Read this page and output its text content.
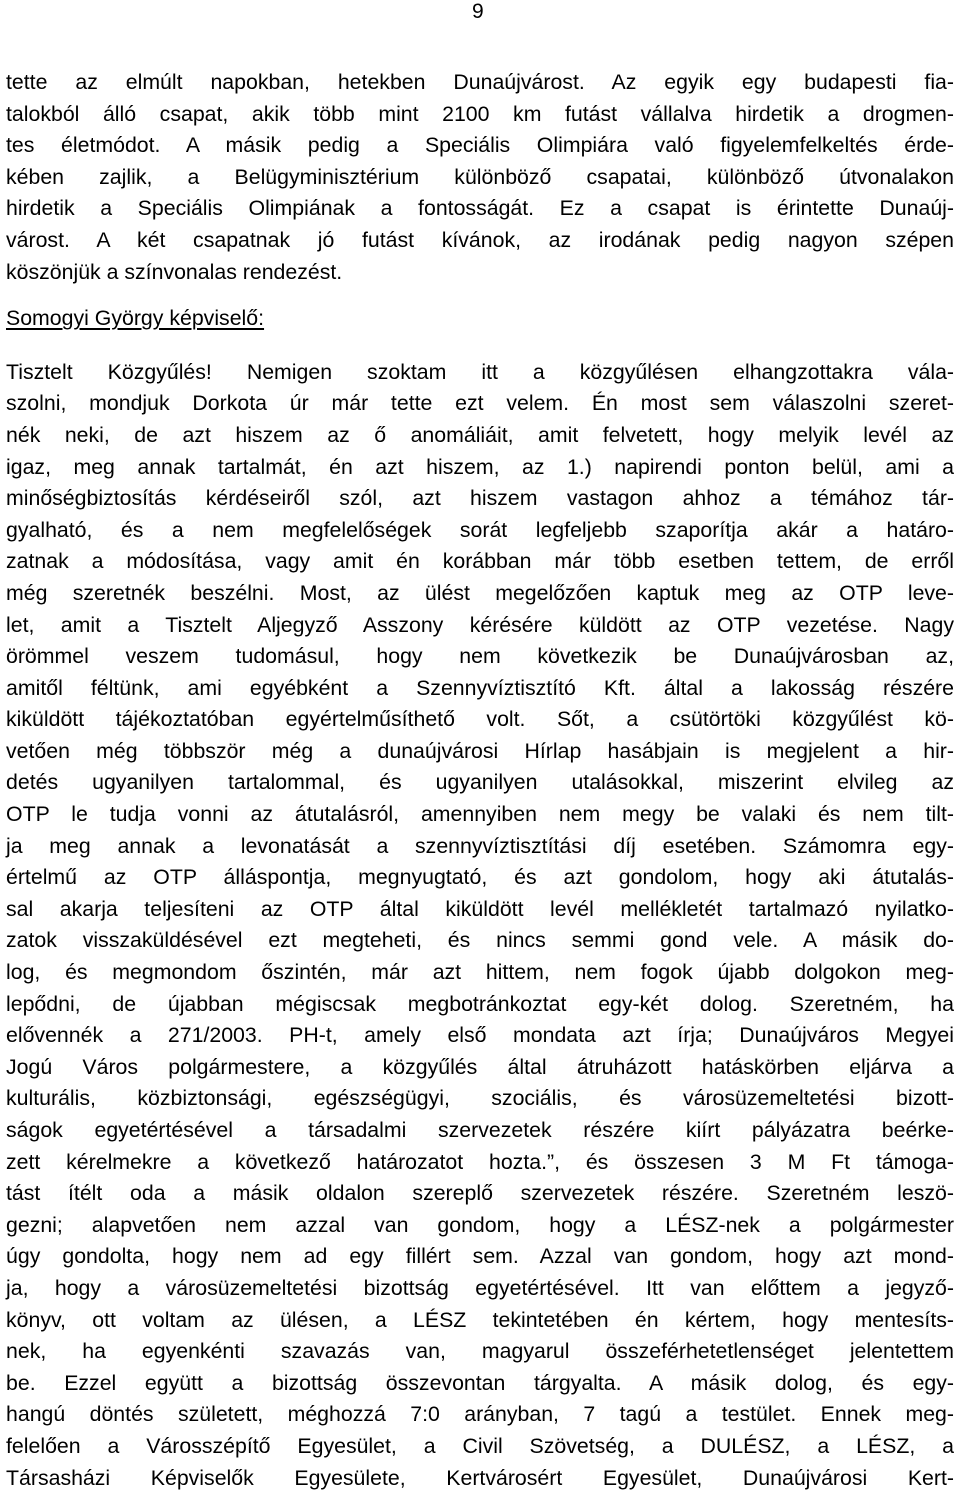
9
tette az elmúlt napokban, hetekben Dunaújvárost. Az egyik egy budapesti fia-
talokból álló csapat, akik több mint 2100 km futást vállalva hirdetik a drogmen-
tes életmódot. A másik pedig a Speciális Olimpiára való figyelemfelkeltés érde-
kében zajlik, a Belügyminisztérium különböző csapatai, különböző útvonalakon
hirdetik a Speciális Olimpiának a fontosságát. Ez a csapat is érintette Dunaúj-
várost. A két csapatnak jó futást kívánok, az irodának pedig nagyon szépen
köszönjük a színvonalas rendezést.
Somogyi György képviselő:
Tisztelt Közgyűlés! Nemigen szoktam itt a közgyűlésen elhangzottakra vála-
szolni, mondjuk Dorkota úr már tette ezt velem. Én most sem válaszolni szeret-
nék neki, de azt hiszem az ő anomáliáit, amit felvetett, hogy melyik levél az
igaz, meg annak tartalmát, én azt hiszem, az 1.) napirendi ponton belül, ami a
minőségbiztosítás kérdéseiről szól, azt hiszem vastagon ahhoz a témához tár-
gyalható, és a nem megfelelőségek sorát legfeljebb szaporítja akár a határo-
zatnak a módosítása, vagy amit én korábban már több esetben tettem, de erről
még szeretnék beszélni. Most, az ülést megelőzően kaptuk meg az OTP leve-
let, amit a Tisztelt Aljegyző Asszony kérésére küldött az OTP vezetése. Nagy
örömmel veszem tudomásul, hogy nem következik be Dunaújvárosban az,
amitől féltünk, ami egyébként a Szennyvíztisztító Kft. által a lakosság részére
kiküldött tájékoztatóban egyértelműsíthető volt. Sőt, a csütörtöki közgyűlést kö-
vetően még többször még a dunaújvárosi Hírlap hasábjain is megjelent a hir-
detés ugyanilyen tartalommal, és ugyanilyen utalásokkal, miszerint elvileg az
OTP le tudja vonni az átutalásról, amennyiben nem megy be valaki és nem tilt-
ja meg annak a levonatását a szennyvíztisztítási díj esetében. Számomra egy-
értelmű az OTP álláspontja, megnyugtató, és azt gondolom, hogy aki átutalás-
sal akarja teljesíteni az OTP által kiküldött levél mellékletét tartalmazó nyilatko-
zatok visszaküldésével ezt megteheti, és nincs semmi gond vele. A másik do-
log, és megmondom őszintén, már azt hittem, nem fogok újabb dolgokon meg-
lepődni, de újabban mégiscsak megbotránkoztat egy-két dolog. Szeretném, ha
elővennék a 271/2003. PH-t, amely első mondata azt írja; Dunaújváros Megyei
Jogú Város polgármestere, a közgyűlés által átruházott hatáskörben eljárva a
kulturális, közbiztonsági, egészségügyi, szociális, és városüzemeltetési bizott-
ságok egyetértésével a társadalmi szervezetek részére kiírt pályázatra beérke-
zett kérelmekre a következő határozatot hozta.”, és összesen 3 M Ft támoga-
tást ítélt oda a másik oldalon szereplő szervezetek részére. Szeretném leszö-
gezni; alapvetően nem azzal van gondom, hogy a LÉSZ-nek a polgármester
úgy gondolta, hogy nem ad egy fillért sem. Azzal van gondom, hogy azt mond-
ja, hogy a városüzemeltetési bizottság egyetértésével. Itt van előttem a jegyző-
könyv, ott voltam az ülésen, a LÉSZ tekintetében én kértem, hogy mentesíts-
nek, ha egyenkénti szavazás van, magyarul összeférhetetlenséget jelentettem
be. Ezzel együtt a bizottság összevontan tárgyalta. A másik dolog, és egy-
hangú döntés született, méghozzá 7:0 arányban, 7 tagú a testület. Ennek meg-
felelően a Városszépítő Egyesület, a Civil Szövetség, a DULÉSZ, a LÉSZ, a
Társasházi Képviselők Egyesülete, Kertvárosért Egyesület, Dunaújvárosi Kert-
